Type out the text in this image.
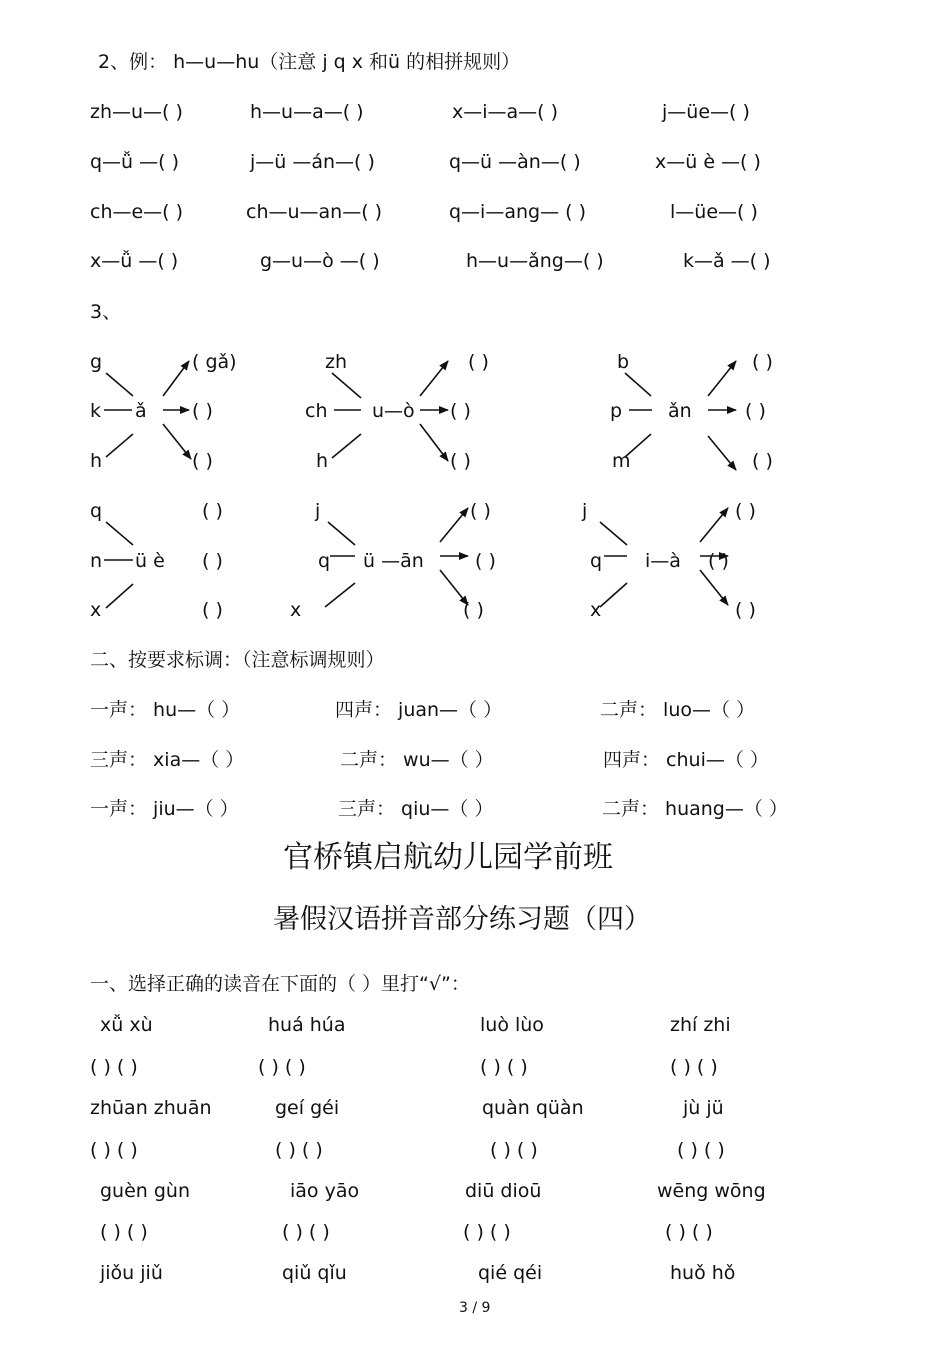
2、例： h—u—hu（注意 j q x 和ü 的相拼规则）
zh—u—( )	h—u—a—( )	x—i—a—( )	j—üe—( )
q—ǚ —( )	j—ü —án—( )	q—ü —àn—( )	x—ü è —( )
ch—e—( )	ch—u—an—( )	q—i—ang— ( )	l—üe—( )
x—ǚ —( )	g—u—ò —( )	h—u—ǎng—( )	k—ǎ —( )
3、
g
k
h
ǎ
( gǎ)
( )
( )
zh
ch
h
u—ò
( )
( )
( )
b
p
m
ǎn
( )
( )
( )
q
n
x
ü è
( )
( )
( )
j
q
x
ü —ān
( )
( )
( )
j
q
x
i—à
( )
( )
( )
二、按要求标调：（注意标调规则）
一声： hu—（ ）	四声： juan—（ ）	二声： luo—（ ）
三声： xia—（ ）	二声： wu—（ ）	四声： chui—（ ）
一声： jiu—（ ）	三声： qiu—（ ）	二声： huang—（ ）
官桥镇启航幼儿园学前班
暑假汉语拼音部分练习题（四）
一、选择正确的读音在下面的（ ）里打“√”：
xǚ xù	huá húa	luò lùo	zhí zhi
( ) ( )	( ) ( )	( ) ( )	( ) ( )
zhūan zhuān	geí géi	quàn qüàn	jù jü
( ) ( )	( ) ( )	( ) ( )	( ) ( )
guèn gùn	iāo yāo	diū dioū	wēng wōng
( ) ( )	( ) ( )	( ) ( )	( ) ( )
jiǒu jiǔ	qiǔ qǐu	qié qéi	huǒ hǒ
3 / 9
